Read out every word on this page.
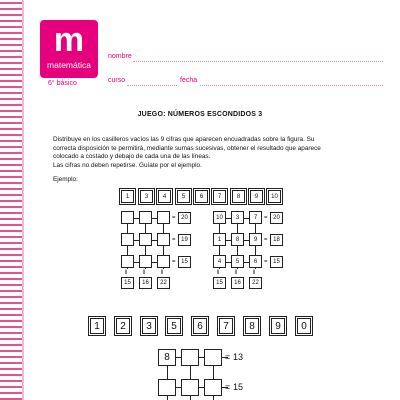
m
matemática
6° básico
nombre
curso	fecha
JUEGO: NÚMEROS ESCONDIDOS 3
Distribuye en los casilleros vacíos las 9 cifras que aparecen encuadradas sobre la figura. Su
correcta disposición te permitirá, mediante sumas sucesivas, obtener el resultado que aparece
colocado a costado y debajo de cada una de las líneas.
Las cifras no deben repetirse. Guíate por el ejemplo.
Ejemplo:
1	3	4	5	6	7	8	9	10
= 20
= 19
= 15
ǁ	ǁ	ǁ
15	16	22
10	3	7
1	8	9
4	5	6
= 20
= 18
= 15
ǁ	ǁ	ǁ
15	16	22
1	2	3	5	6	7	8	9	0
8	= 13
= 15
